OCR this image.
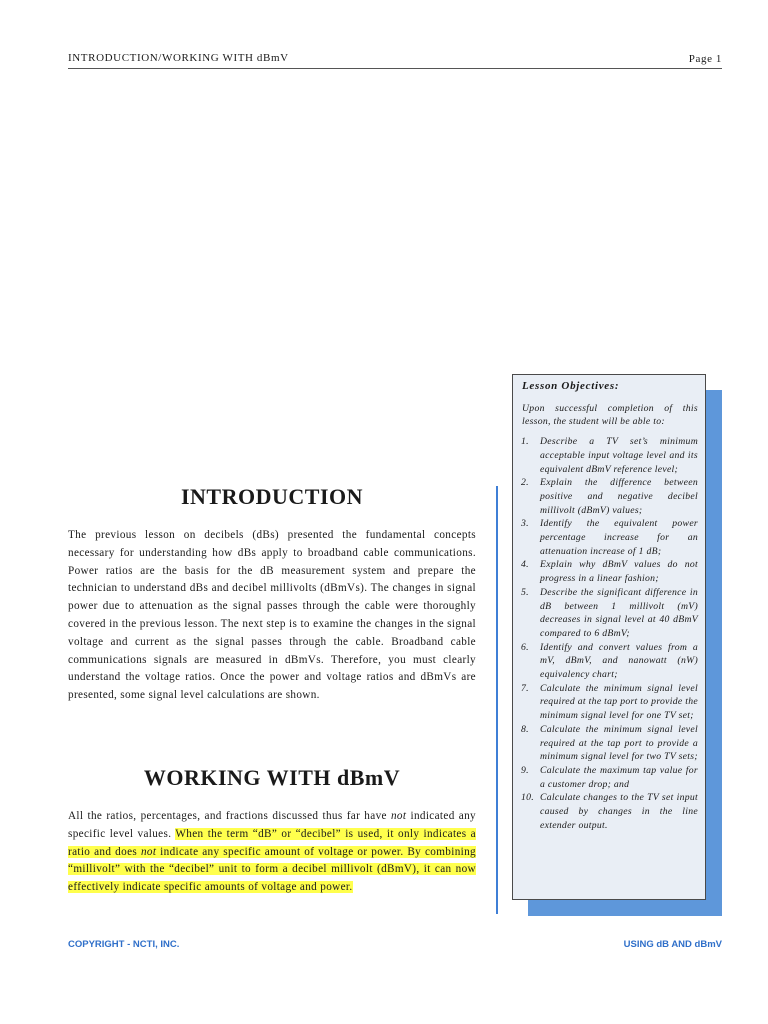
INTRODUCTION/WORKING WITH dBmV	Page 1
INTRODUCTION

The previous lesson on decibels (dBs) presented the fundamental concepts necessary for understanding how dBs apply to broadband cable communications. Power ratios are the basis for the dB measurement system and prepare the technician to understand dBs and decibel millivolts (dBmVs). The changes in signal power due to attenuation as the signal passes through the cable were thoroughly covered in the previous lesson. The next step is to examine the changes in the signal voltage and current as the signal passes through the cable. Broadband cable communications signals are measured in dBmVs. Therefore, you must clearly understand the voltage ratios. Once the power and voltage ratios and dBmVs are presented, some signal level calculations are shown.

WORKING WITH dBmV

All the ratios, percentages, and fractions discussed thus far have not indicated any specific level values. When the term “dB” or “decibel” is used, it only indicates a ratio and does not indicate any specific amount of voltage or power. By combining “millivolt” with the “decibel” unit to form a decibel millivolt (dBmV), it can now effectively indicate specific amounts of voltage and power.

Lesson Objectives:
Upon successful completion of this lesson, the student will be able to:
1. Describe a TV set’s minimum acceptable input voltage level and its equivalent dBmV reference level;
2. Explain the difference between positive and negative decibel millivolt (dBmV) values;
3. Identify the equivalent power percentage increase for an attenuation increase of 1 dB;
4. Explain why dBmV values do not progress in a linear fashion;
5. Describe the significant difference in dB between 1 millivolt (mV) decreases in signal level at 40 dBmV compared to 6 dBmV;
6. Identify and convert values from a mV, dBmV, and nanowatt (nW) equivalency chart;
7. Calculate the minimum signal level required at the tap port to provide the minimum signal level for one TV set;
8. Calculate the minimum signal level required at the tap port to provide a minimum signal level for two TV sets;
9. Calculate the maximum tap value for a customer drop; and
10. Calculate changes to the TV set input caused by changes in the line extender output.
COPYRIGHT - NCTI, INC.	USING dB AND dBmV
